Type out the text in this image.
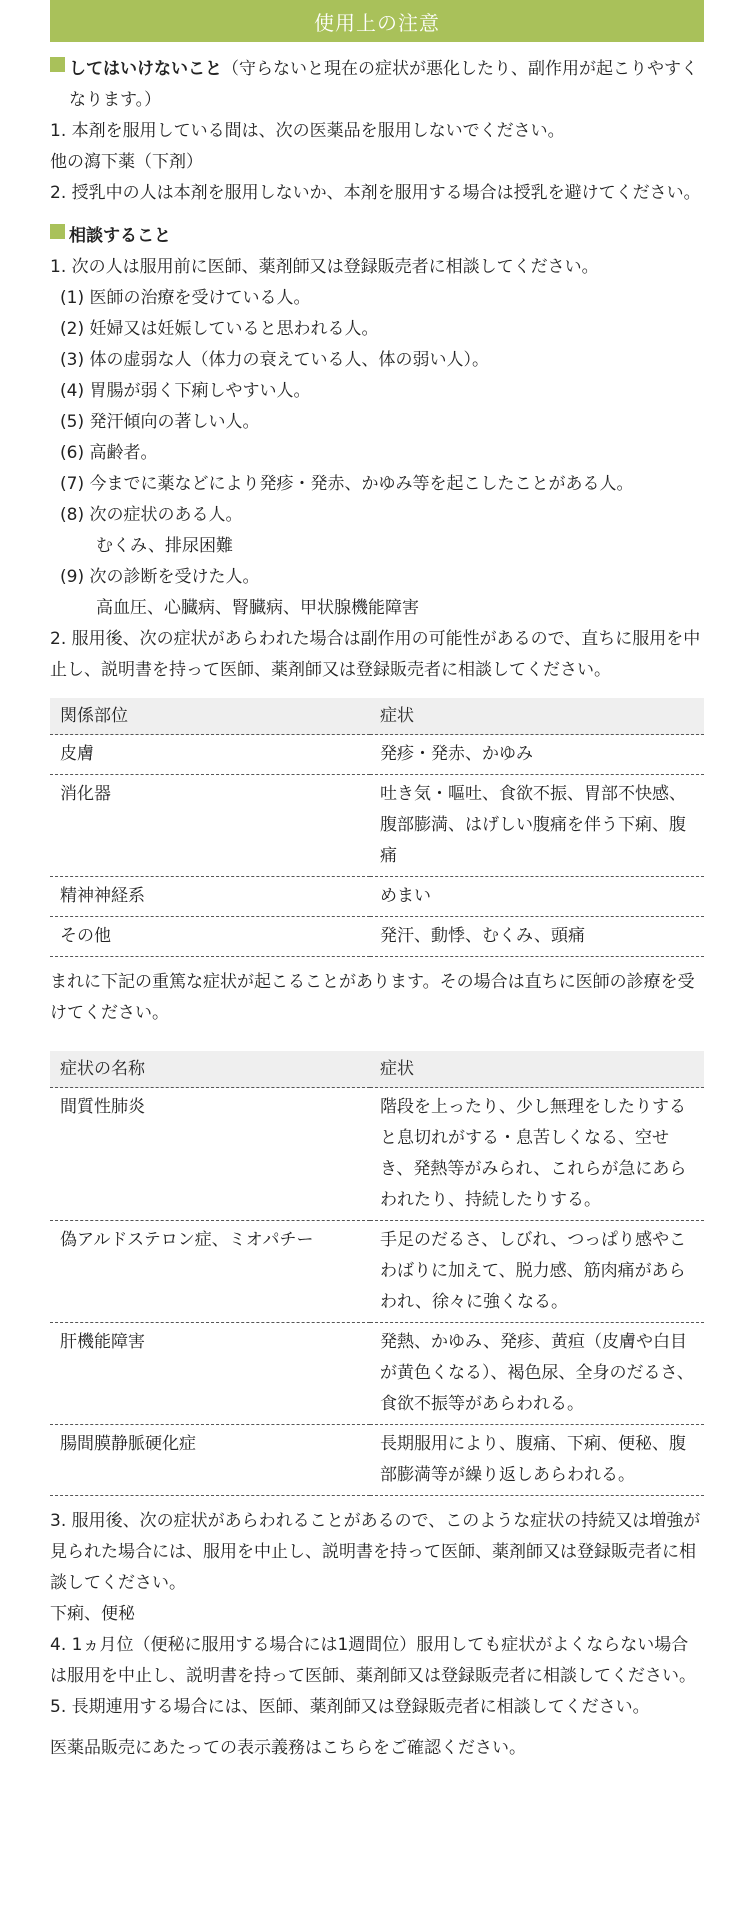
使用上の注意
してはいけないこと（守らないと現在の症状が悪化したり、副作用が起こりやすくなります。）

1. 本剤を服用している間は、次の医薬品を服用しないでください。

他の瀉下薬（下剤）

2. 授乳中の人は本剤を服用しないか、本剤を服用する場合は授乳を避けてください。

相談すること

1. 次の人は服用前に医師、薬剤師又は登録販売者に相談してください。

(1) 医師の治療を受けている人。

(2) 妊婦又は妊娠していると思われる人。

(3) 体の虚弱な人（体力の衰えている人、体の弱い人）。

(4) 胃腸が弱く下痢しやすい人。

(5) 発汗傾向の著しい人。

(6) 高齢者。

(7) 今までに薬などにより発疹・発赤、かゆみ等を起こしたことがある人。

(8) 次の症状のある人。

むくみ、排尿困難

(9) 次の診断を受けた人。

高血圧、心臓病、腎臓病、甲状腺機能障害

2. 服用後、次の症状があらわれた場合は副作用の可能性があるので、直ちに服用を中止し、説明書を持って医師、薬剤師又は登録販売者に相談してください。

関係部位	症状
皮膚	発疹・発赤、かゆみ
消化器	吐き気・嘔吐、食欲不振、胃部不快感、腹部膨満、はげしい腹痛を伴う下痢、腹痛
精神神経系	めまい
その他	発汗、動悸、むくみ、頭痛

まれに下記の重篤な症状が起こることがあります。その場合は直ちに医師の診療を受けてください。

症状の名称	症状
間質性肺炎	階段を上ったり、少し無理をしたりすると息切れがする・息苦しくなる、空せき、発熱等がみられ、これらが急にあらわれたり、持続したりする。
偽アルドステロン症、ミオパチー	手足のだるさ、しびれ、つっぱり感やこわばりに加えて、脱力感、筋肉痛があらわれ、徐々に強くなる。
肝機能障害	発熱、かゆみ、発疹、黄疸（皮膚や白目が黄色くなる）、褐色尿、全身のだるさ、食欲不振等があらわれる。
腸間膜静脈硬化症	長期服用により、腹痛、下痢、便秘、腹部膨満等が繰り返しあらわれる。

3. 服用後、次の症状があらわれることがあるので、このような症状の持続又は増強が見られた場合には、服用を中止し、説明書を持って医師、薬剤師又は登録販売者に相談してください。

下痢、便秘

4. 1ヵ月位（便秘に服用する場合には1週間位）服用しても症状がよくならない場合は服用を中止し、説明書を持って医師、薬剤師又は登録販売者に相談してください。

5. 長期連用する場合には、医師、薬剤師又は登録販売者に相談してください。

医薬品販売にあたっての表示義務はこちらをご確認ください。
